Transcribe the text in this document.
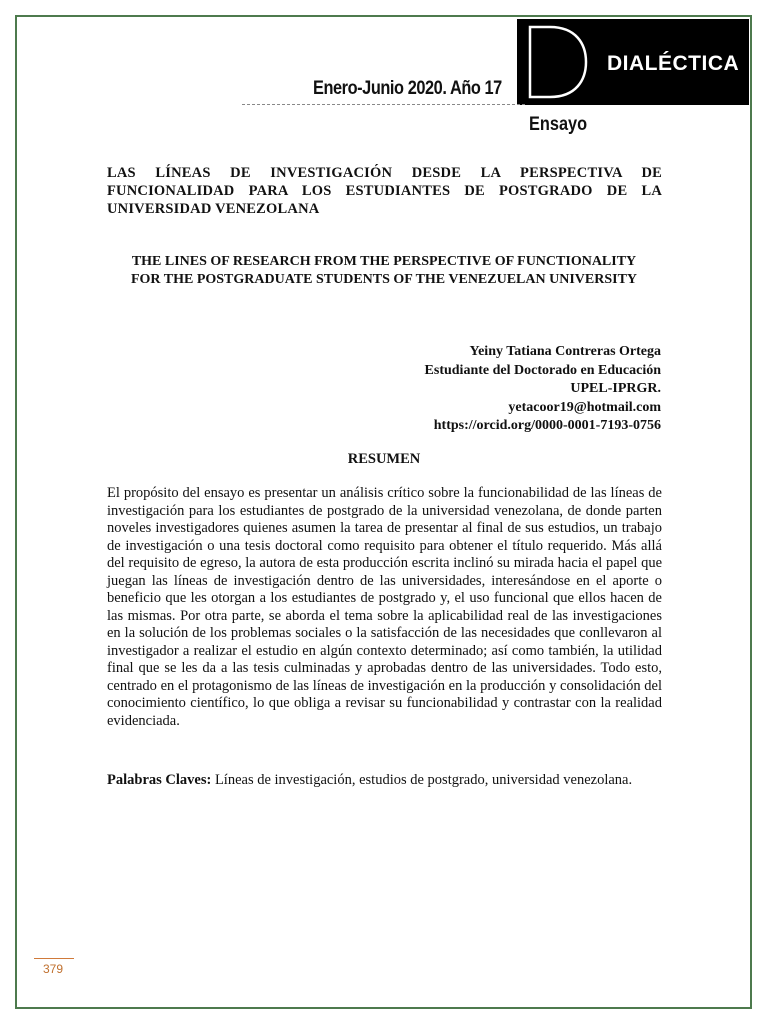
DIALÉCTICA
Enero-Junio 2020. Año 17
Ensayo
LAS LÍNEAS DE INVESTIGACIÓN DESDE LA PERSPECTIVA DE FUNCIONALIDAD PARA LOS ESTUDIANTES DE POSTGRADO DE LA UNIVERSIDAD VENEZOLANA
THE LINES OF RESEARCH FROM THE PERSPECTIVE OF FUNCTIONALITY
FOR THE POSTGRADUATE STUDENTS OF THE VENEZUELAN UNIVERSITY
Yeiny Tatiana Contreras Ortega
Estudiante del Doctorado en Educación
UPEL-IPRGR.
yetacoor19@hotmail.com
https://orcid.org/0000-0001-7193-0756
RESUMEN
El propósito del ensayo es presentar un análisis crítico sobre la funcionabilidad de las líneas de investigación para los estudiantes de postgrado de la universidad venezolana, de donde parten noveles investigadores quienes asumen la tarea de presentar al final de sus estudios, un trabajo de investigación o una tesis doctoral como requisito para obtener el título requerido. Más allá del requisito de egreso, la autora de esta producción escrita inclinó su mirada hacia el papel que juegan las líneas de investigación dentro de las universidades, interesándose en el aporte o beneficio que les otorgan a los estudiantes de postgrado y, el uso funcional que ellos hacen de las mismas. Por otra parte, se aborda el tema sobre la aplicabilidad real de las investigaciones en la solución de los problemas sociales o la satisfacción de las necesidades que conllevaron al investigador a realizar el estudio en algún contexto determinado; así como también, la utilidad final que se les da a las tesis culminadas y aprobadas dentro de las universidades. Todo esto, centrado en el protagonismo de las líneas de investigación en la producción y consolidación del conocimiento científico, lo que obliga a revisar su funcionabilidad y contrastar con la realidad evidenciada.
Palabras Claves: Líneas de investigación, estudios de postgrado, universidad venezolana.
379
